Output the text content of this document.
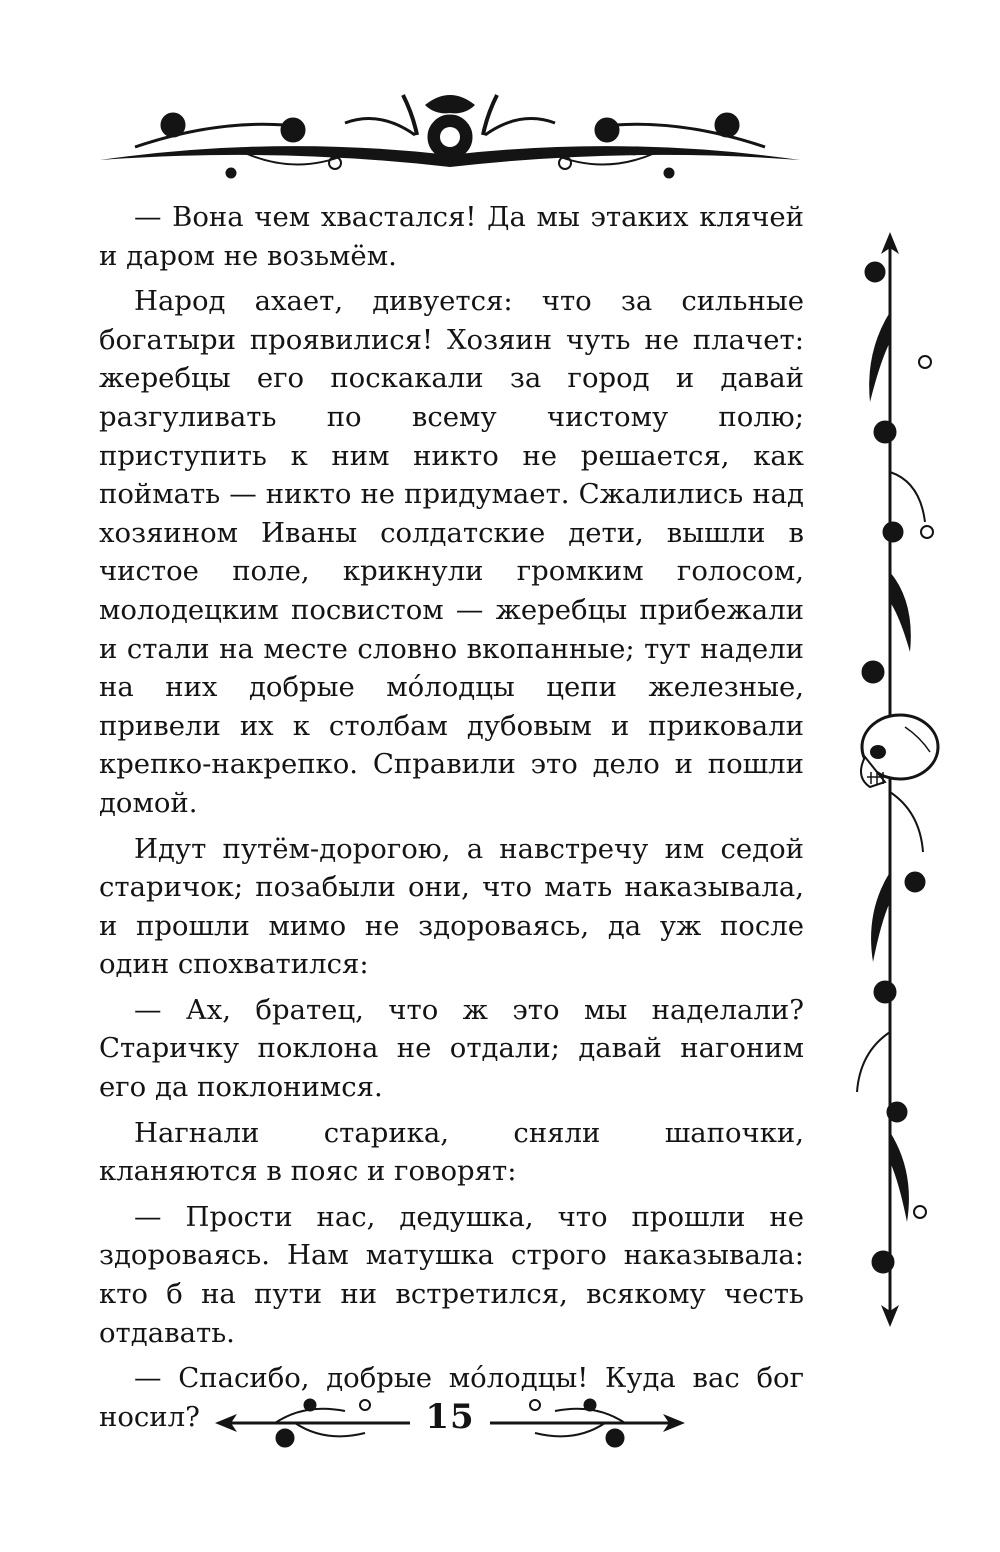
— Вона чем хвастался! Да мы этаких клячей и даром не возьмём.

Народ ахает, дивуется: что за сильные богатыри проявилися! Хозяин чуть не плачет: жеребцы его поскакали за город и давай разгуливать по всему чистому полю; приступить к ним никто не решается, как поймать — никто не придумает. Сжалились над хозяином Иваны солдатские дети, вышли в чистое поле, крикнули громким голосом, молодецким посвистом — жеребцы прибежали и стали на месте словно вкопанные; тут надели на них добрые мо́лодцы цепи железные, привели их к столбам дубовым и приковали крепко-накрепко. Справили это дело и пошли домой.

Идут путём-дорогою, а навстречу им седой старичок; позабыли они, что мать наказывала, и прошли мимо не здороваясь, да уж после один спохватился:

— Ах, братец, что ж это мы наделали? Старичку поклона не отдали; давай нагоним его да поклонимся.

Нагнали старика, сняли шапочки, кланяются в пояс и говорят:

— Прости нас, дедушка, что прошли не здороваясь. Нам матушка строго наказывала: кто б на пути ни встретился, всякому честь отдавать.

— Спасибо, добрые мо́лодцы! Куда вас бог носил?	15
